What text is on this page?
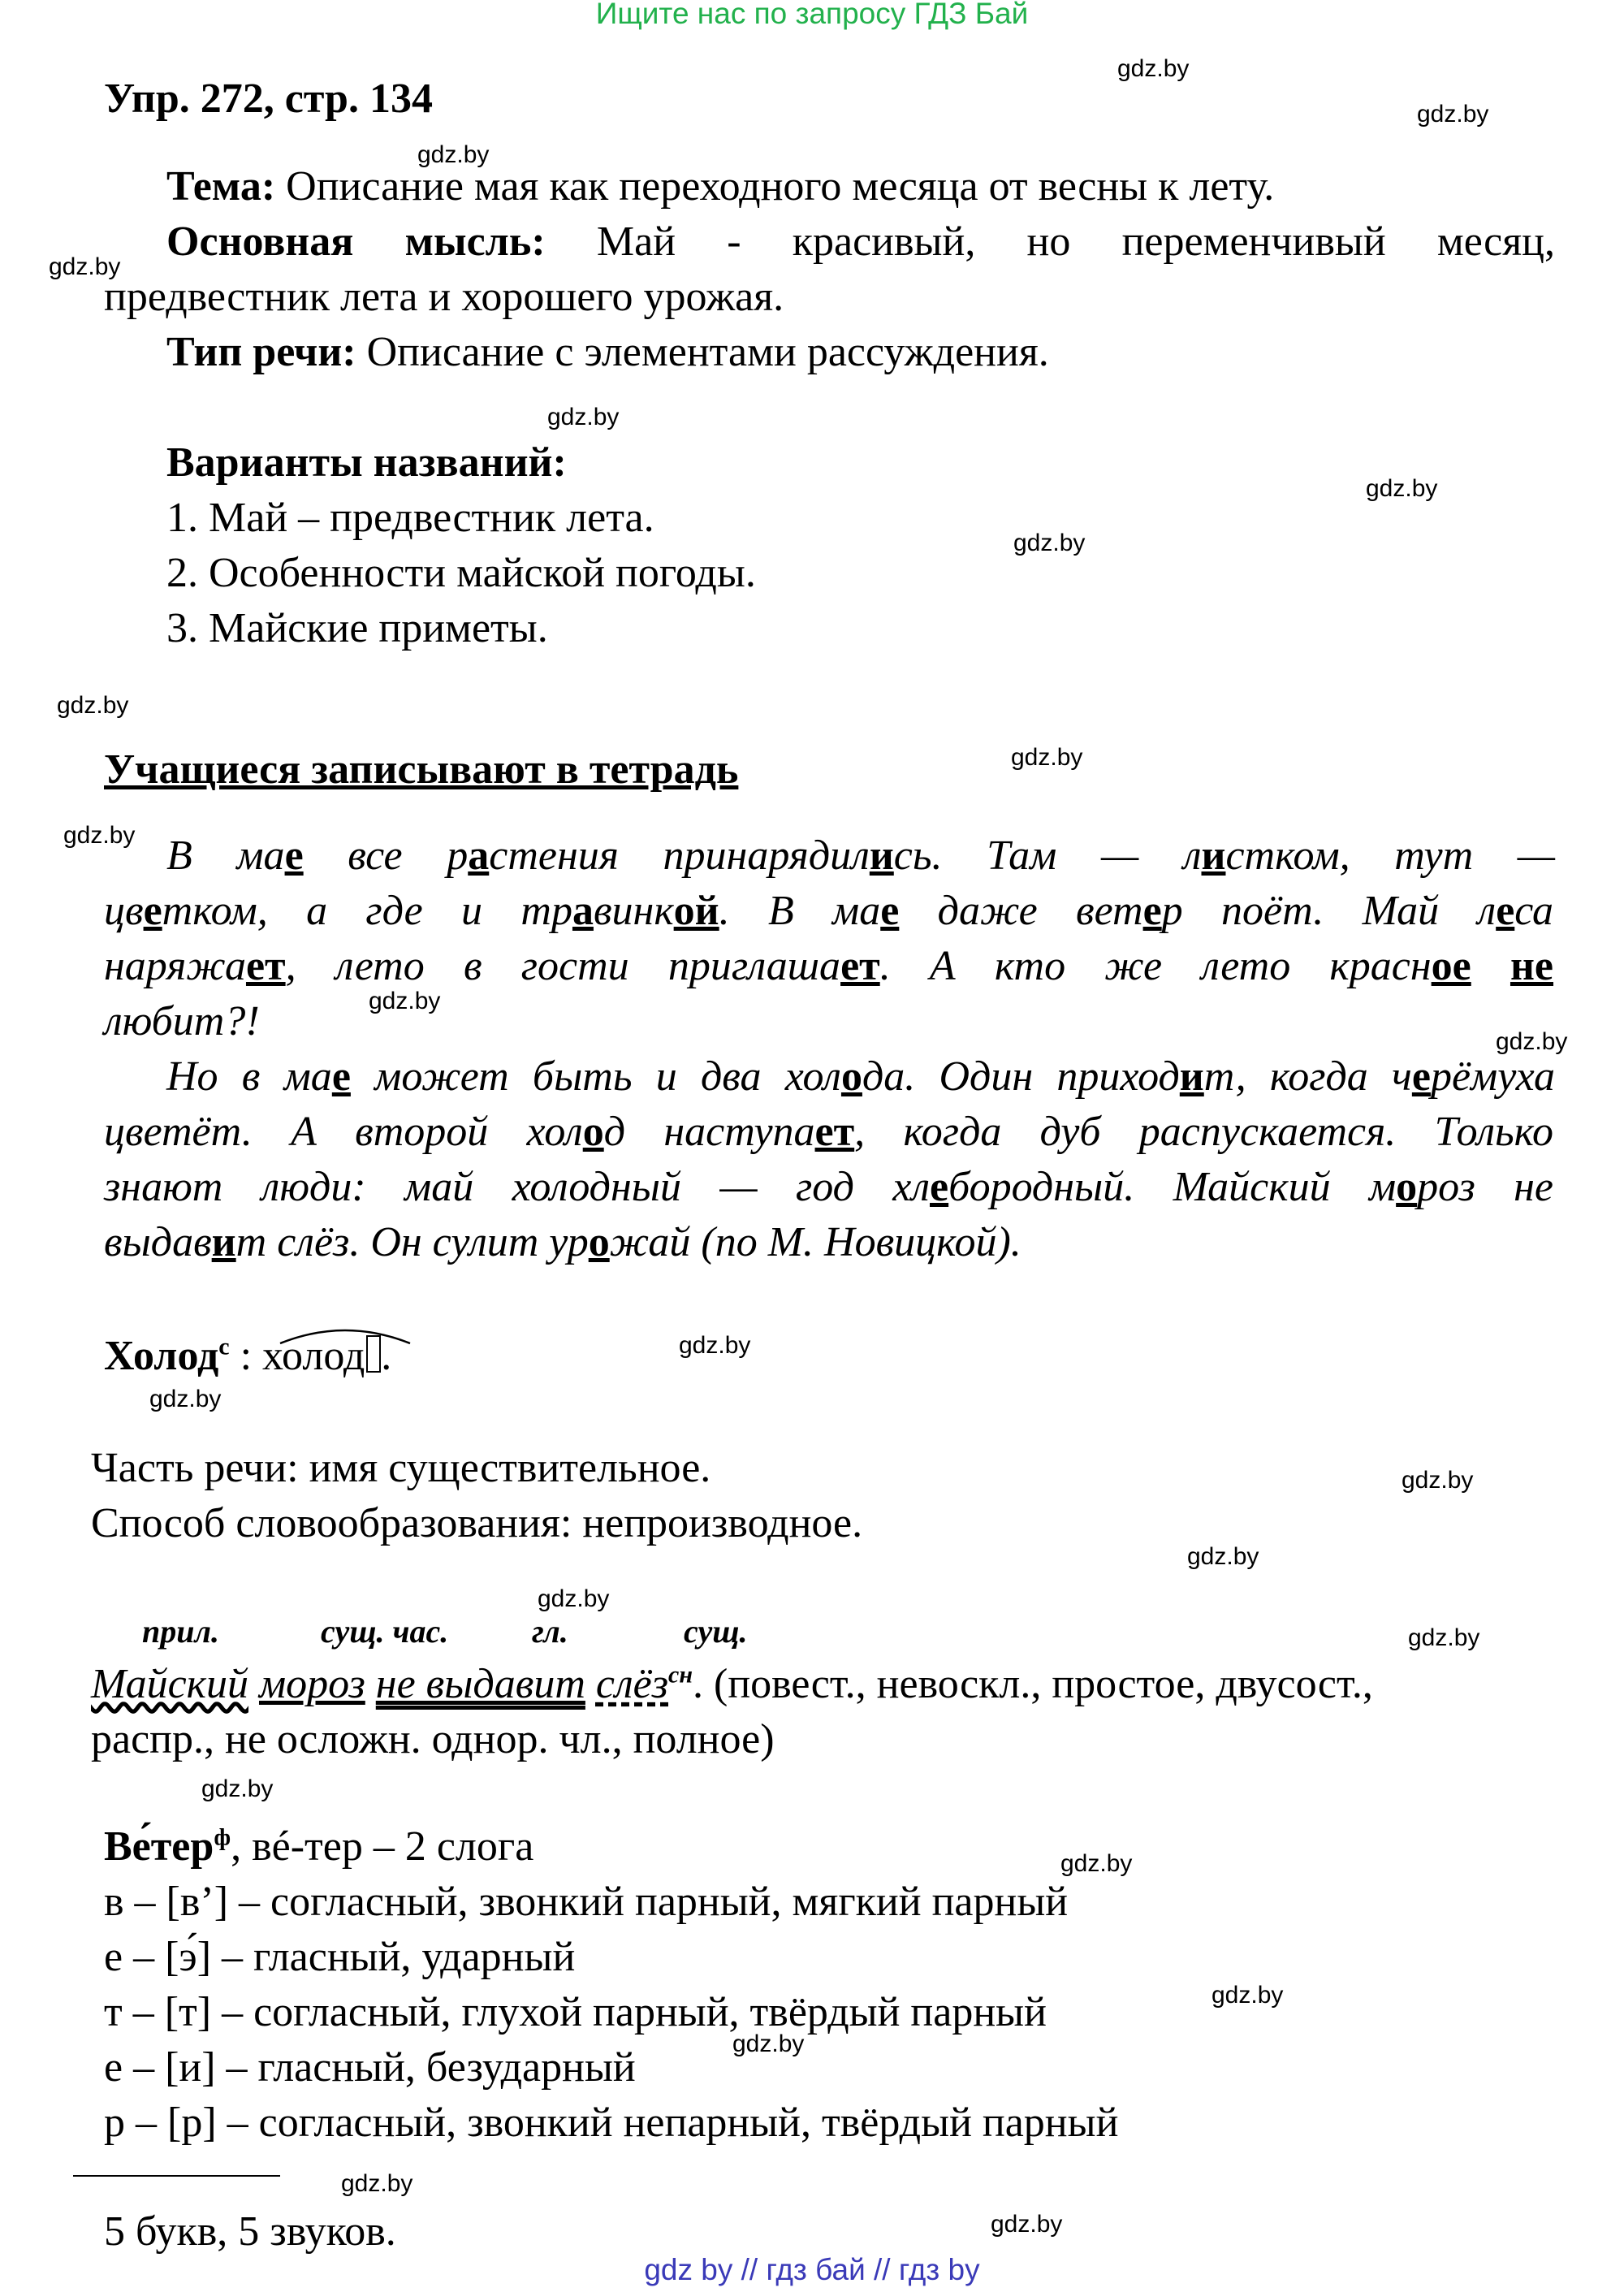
Ищите нас по запросу ГДЗ Бай
gdz by // гдз бай // гдз by
gdz.by
gdz.by
gdz.by
gdz.by
gdz.by
gdz.by
gdz.by
gdz.by
gdz.by
gdz.by
gdz.by
gdz.by
gdz.by
gdz.by
gdz.by
gdz.by
gdz.by
gdz.by
gdz.by
gdz.by
gdz.by
gdz.by
gdz.by
gdz.by
Упр. 272, стр. 134
Тема: Описание мая как переходного месяца от весны к лету.
Основная мысль: Май - красивый, но переменчивый месяц,
предвестник лета и хорошего урожая.
Тип речи: Описание с элементами рассуждения.
Варианты названий:
1. Май – предвестник лета.
2. Особенности майской погоды.
3. Майские приметы.
Учащиеся записывают в тетрадь
В мае все растения принарядились. Там — листком, тут —
цветком, а где и травинкой. В мае даже ветер поёт. Май леса
наряжает, лето в гости приглашает. А кто же лето красное не
любит?!
Но в мае может быть и два холода. Один приходит, когда черёмуха
цветёт. А второй холод наступает, когда дуб распускается. Только
знают люди: май холодный — год хлебородный. Майский мороз не
выдавит слёз. Он сулит урожай (по М. Новицкой).
Холод$^с$ : холод .
Часть речи: имя существительное.
Способ словообразования: непроизводное.
прил.	сущ. час.	гл.	сущ.
Майский мороз не выдавит слёз$^{сн}$. (повест., невоскл., простое, двусост.,
распр., не осложн. однор. чл., полное)
Ве́тер$^ф$, вé-тер – 2 слога
в – [в’] – согласный, звонкий парный, мягкий парный
е – [э́] – гласный, ударный
т – [т] – согласный, глухой парный, твёрдый парный
е – [и] – гласный, безударный
р – [р] – согласный, звонкий непарный, твёрдый парный
5 букв, 5 звуков.
